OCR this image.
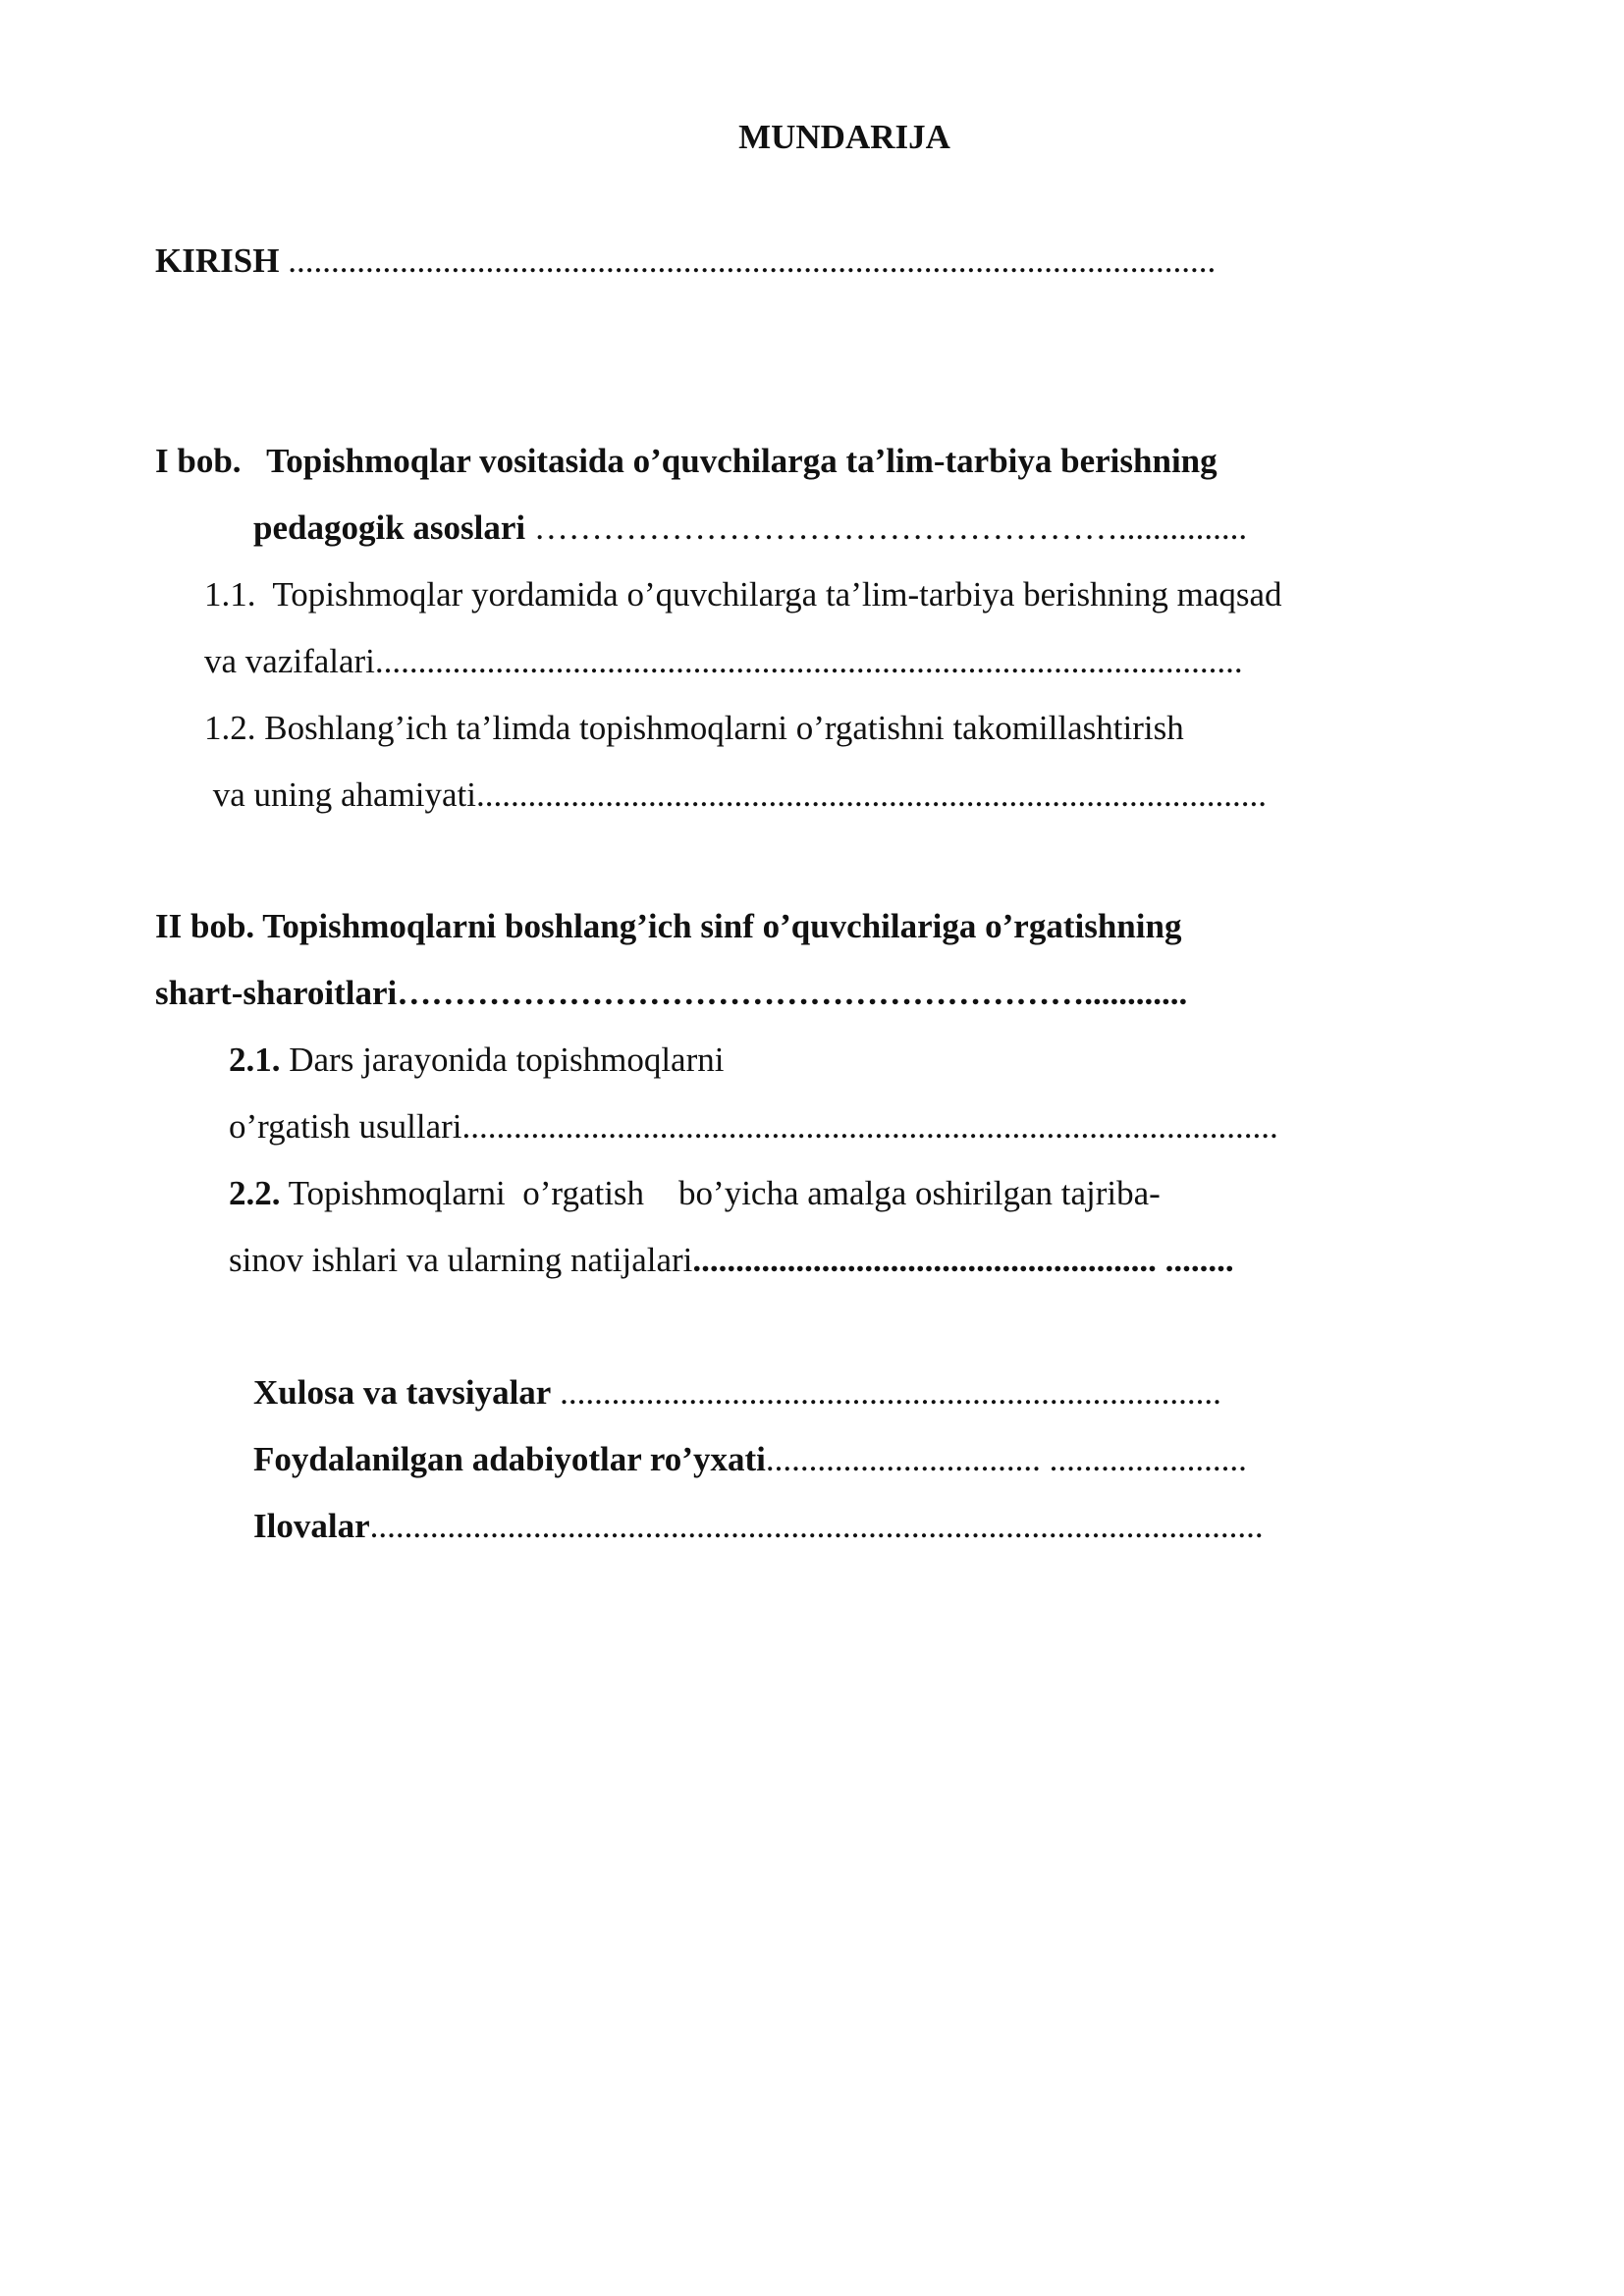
MUNDARIJA
KIRISH ............................................................................................................
I bob.   Topishmoqlar vositasida o’quvchilarga ta’lim-tarbiya berishning
pedagogik asoslari ……………………………………………...............
1.1.  Topishmoqlar yordamida o’quvchilarga ta’lim-tarbiya berishning maqsad
va vazifalari.....................................................................................................
1.2. Boshlang’ich ta’limda topishmoqlarni o’rgatishni takomillashtirish
va uning ahamiyati............................................................................................
II bob. Topishmoqlarni boshlang’ich sinf o’quvchilariga o’rgatishning
shart-sharoitlari……………………………………………………............
2.1. Dars jarayonida topishmoqlarni
o’rgatish usullari...............................................................................................
2.2. Topishmoqlarni  o’rgatish    bo’yicha amalga oshirilgan tajriba-
sinov ishlari va ularning natijalari...................................................... ........
Xulosa va tavsiyalar .............................................................................
Foydalanilgan adabiyotlar ro’yxati................................ .......................
Ilovalar........................................................................................................
